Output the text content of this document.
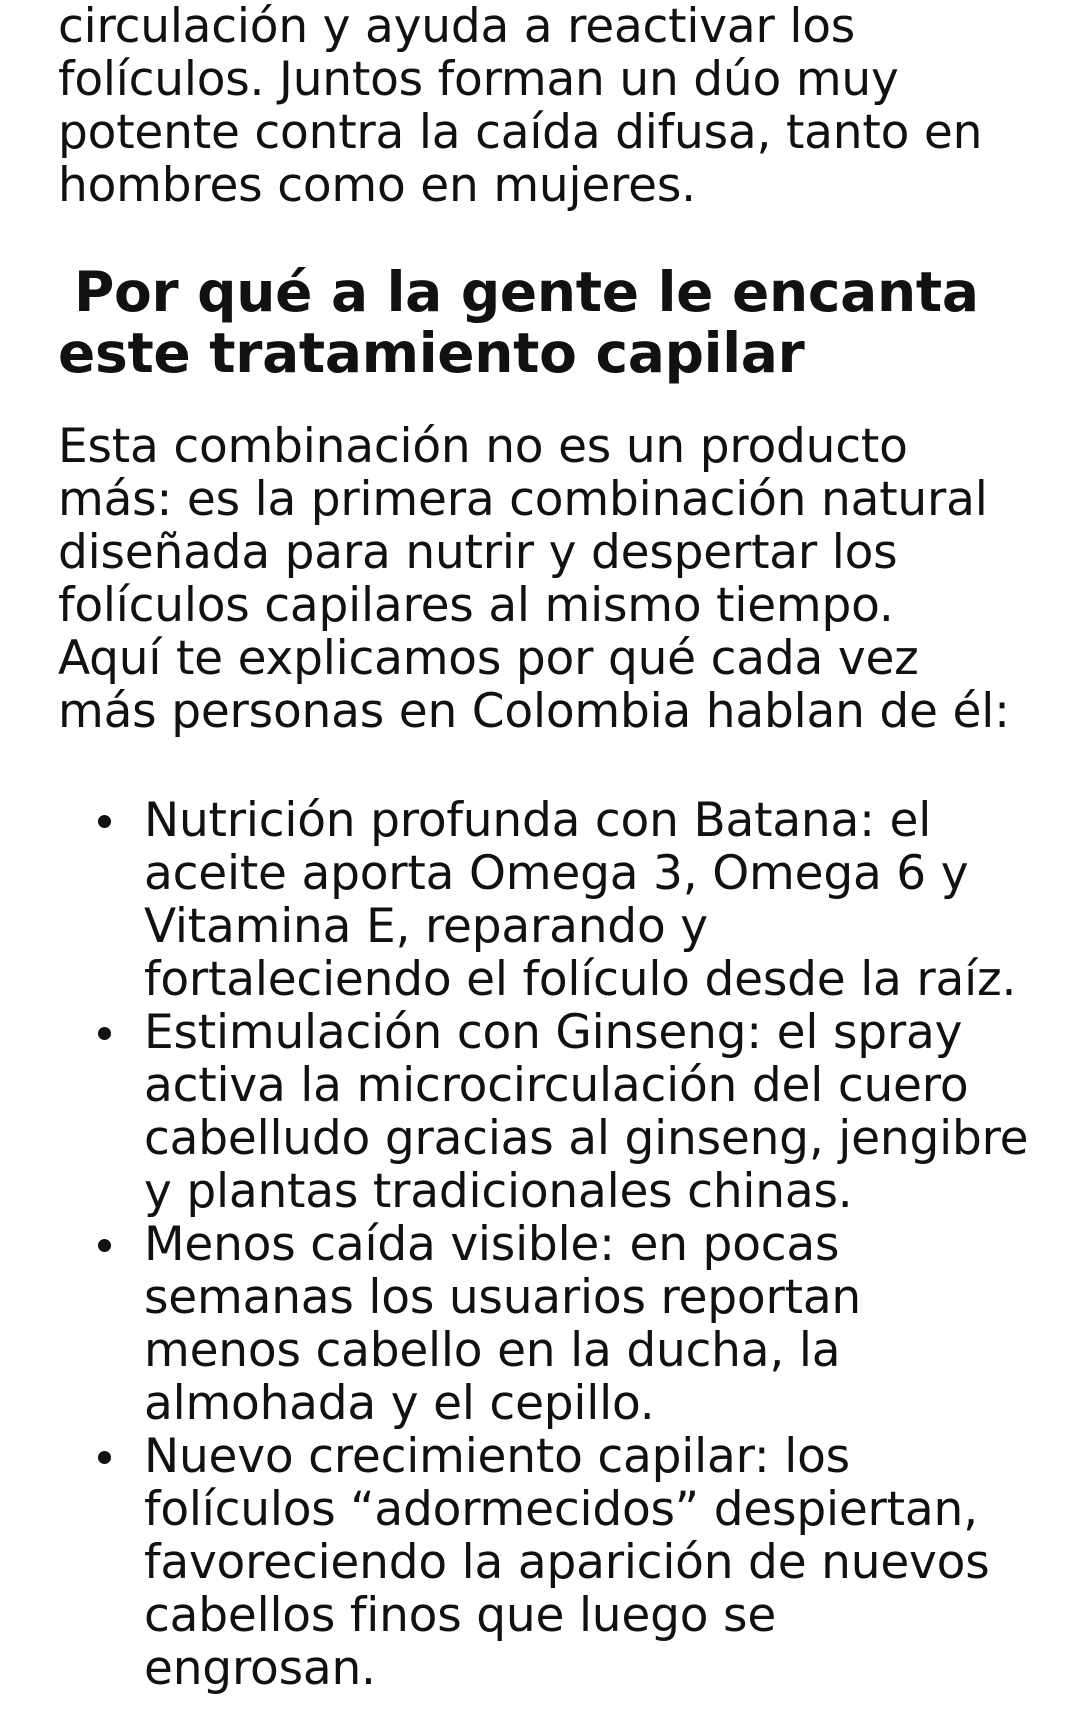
circulación y ayuda a reactivar los
folículos. Juntos forman un dúo muy
potente contra la caída difusa, tanto en
hombres como en mujeres.

Por qué a la gente le encanta
este tratamiento capilar

Esta combinación no es un producto
más: es la primera combinación natural
diseñada para nutrir y despertar los
folículos capilares al mismo tiempo.
Aquí te explicamos por qué cada vez
más personas en Colombia hablan de él:

Nutrición profunda con Batana: el
aceite aporta Omega 3, Omega 6 y
Vitamina E, reparando y
fortaleciendo el folículo desde la raíz.
Estimulación con Ginseng: el spray
activa la microcirculación del cuero
cabelludo gracias al ginseng, jengibre
y plantas tradicionales chinas.
Menos caída visible: en pocas
semanas los usuarios reportan
menos cabello en la ducha, la
almohada y el cepillo.
Nuevo crecimiento capilar: los
folículos “adormecidos” despiertan,
favoreciendo la aparición de nuevos
cabellos finos que luego se
engrosan.
